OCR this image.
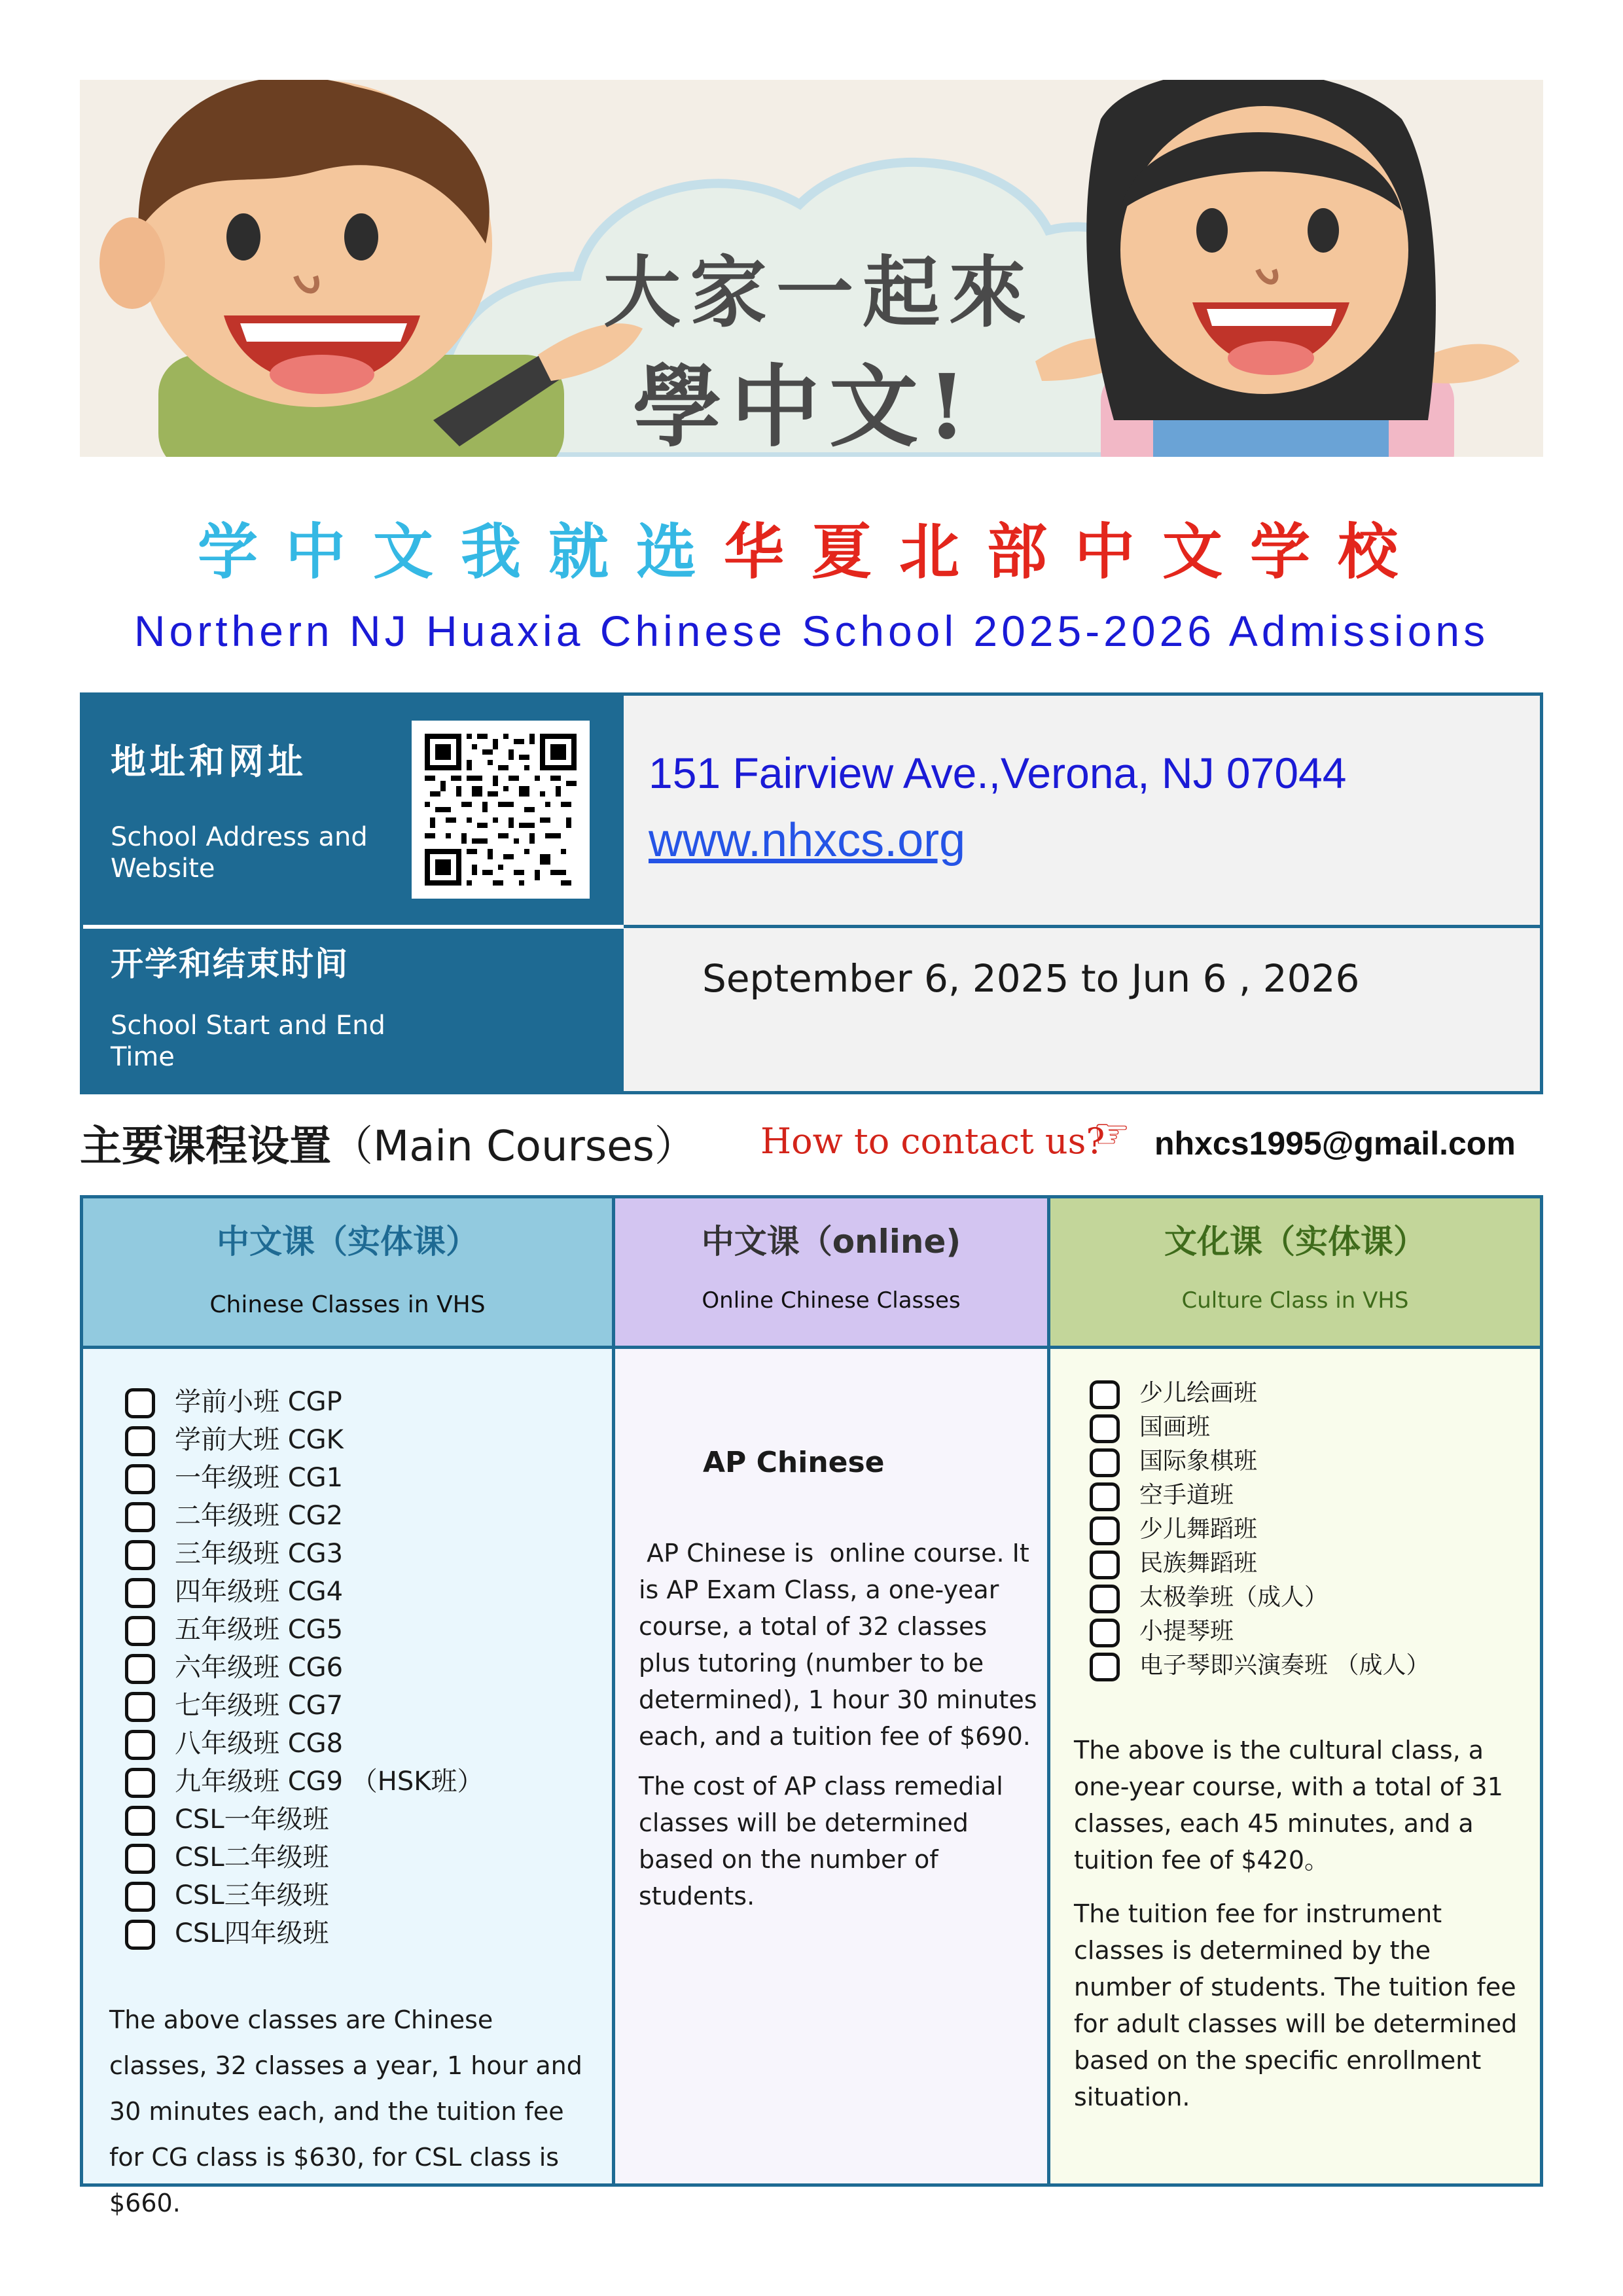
大家一起來
學中文!
学中文我就选华夏北部中文学校
Northern NJ Huaxia Chinese School 2025-2026 Admissions
地址和网址
School Address and Website
开学和结束时间
School Start and End Time
151 Fairview Ave.,Verona, NJ 07044
www.nhxcs.org
September 6, 2025 to Jun 6 , 2026
主要课程设置（Main Courses） How to contact us?
☞ nhxcs1995@gmail.com
中文课（实体课）
Chinese Classes in VHS
学前小班 CGP
学前大班 CGK
一年级班 CG1
二年级班 CG2
三年级班 CG3
四年级班 CG4
五年级班 CG5
六年级班 CG6
七年级班 CG7
八年级班 CG8
九年级班 CG9 （HSK班）
CSL一年级班
CSL二年级班
CSL三年级班
CSL四年级班
The above classes are Chinese classes, 32 classes a year, 1 hour and 30 minutes each, and the tuition fee for CG class is $630, for CSL class is $660.
中文课（online)
Online Chinese Classes
AP Chinese
AP Chinese is  online course. It is AP Exam Class, a one-year course, a total of 32 classes plus tutoring (number to be determined), 1 hour 30 minutes each, and a tuition fee of $690.
The cost of AP class remedial classes will be determined based on the number of students.
文化课（实体课）
Culture Class in VHS
少儿绘画班
国画班
国际象棋班
空手道班
少儿舞蹈班
民族舞蹈班
太极拳班（成人）
小提琴班
电子琴即兴演奏班 （成人）
The above is the cultural class, a one-year course, with a total of 31 classes, each 45 minutes, and a tuition fee of $420。
The tuition fee for instrument classes is determined by the number of students. The tuition fee for adult classes will be determined based on the specific enrollment situation.
